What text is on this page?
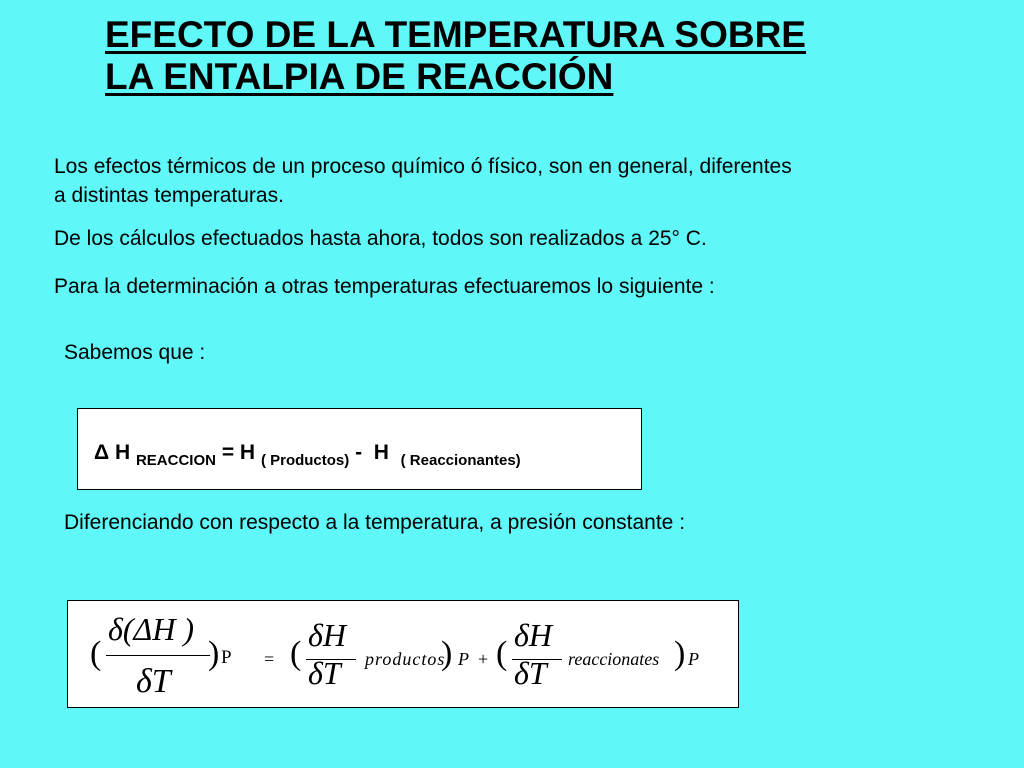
EFECTO DE LA TEMPERATURA SOBRE
LA ENTALPIA DE REACCIÓN
Los efectos térmicos de un proceso químico ó físico, son en general, diferentes
a distintas temperaturas.
De los cálculos efectuados hasta ahora, todos son realizados a 25° C.
Para la determinación a otras temperaturas efectuaremos lo siguiente :
Sabemos que :
Δ H $_{REACCION}$ = H $_{( Productos)}$ - H $_{( Reaccionantes)}$
Diferenciando con respecto a la temperatura, a presión constante :
(
δ(ΔH )
δT
) P = ( δH
δT productos
) P + ( δH
δT reaccionates ) P
